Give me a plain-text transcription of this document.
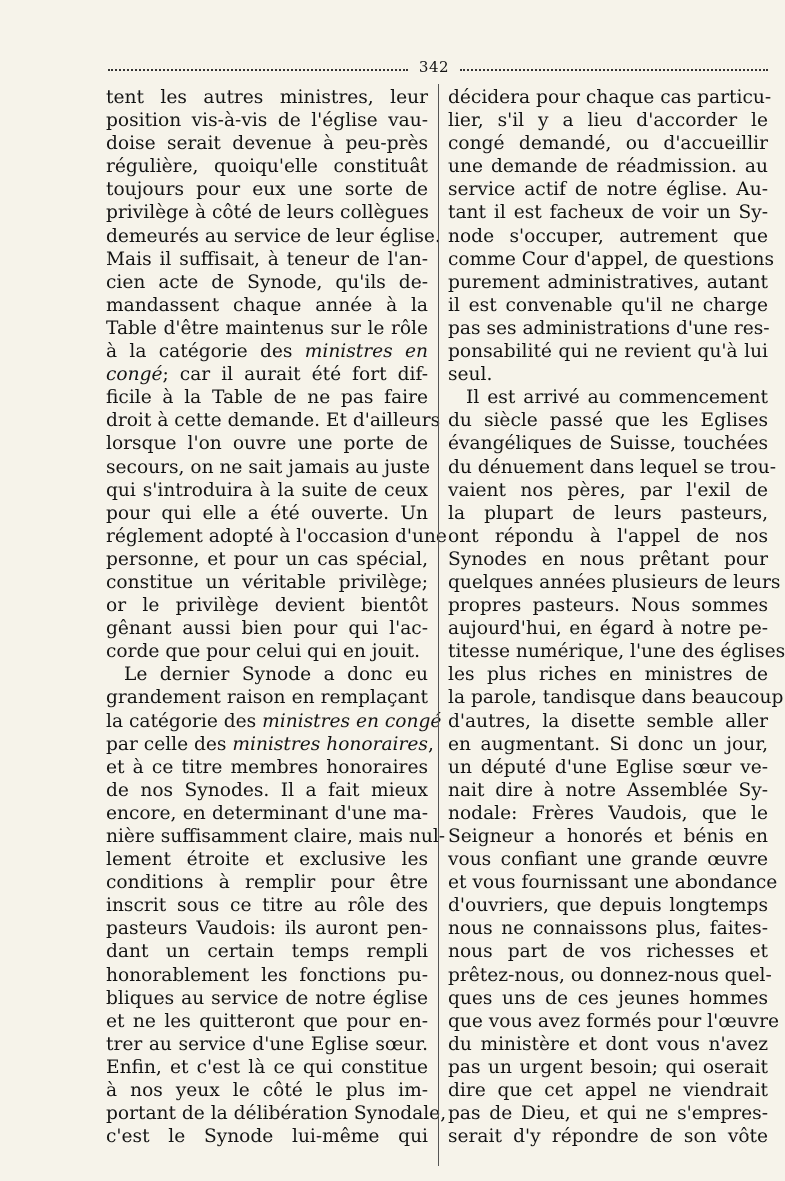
342
tent les autres ministres, leur
position vis-à-vis de l'église vau-
doise serait devenue à peu-près
régulière, quoiqu'elle constituât
toujours pour eux une sorte de
privilège à côté de leurs collègues
demeurés au service de leur église.
Mais il suffisait, à teneur de l'an-
cien acte de Synode, qu'ils de-
mandassent chaque année à la
Table d'être maintenus sur le rôle
à la catégorie des ministres en
congé; car il aurait été fort dif-
ficile à la Table de ne pas faire
droit à cette demande. Et d'ailleurs
lorsque l'on ouvre une porte de
secours, on ne sait jamais au juste
qui s'introduira à la suite de ceux
pour qui elle a été ouverte. Un
réglement adopté à l'occasion d'une
personne, et pour un cas spécial,
constitue un véritable privilège;
or le privilège devient bientôt
gênant aussi bien pour qui l'ac-
corde que pour celui qui en jouit.
Le dernier Synode a donc eu
grandement raison en remplaçant
la catégorie des ministres en congé
par celle des ministres honoraires,
et à ce titre membres honoraires
de nos Synodes. Il a fait mieux
encore, en determinant d'une ma-
nière suffisamment claire, mais nul-
lement étroite et exclusive les
conditions à remplir pour être
inscrit sous ce titre au rôle des
pasteurs Vaudois: ils auront pen-
dant un certain temps rempli
honorablement les fonctions pu-
bliques au service de notre église
et ne les quitteront que pour en-
trer au service d'une Eglise sœur.
Enfin, et c'est là ce qui constitue
à nos yeux le côté le plus im-
portant de la délibération Synodale,
c'est le Synode lui-même qui
décidera pour chaque cas particu-
lier, s'il y a lieu d'accorder le
congé demandé, ou d'accueillir
une demande de réadmission. au
service actif de notre église. Au-
tant il est facheux de voir un Sy-
node s'occuper, autrement que
comme Cour d'appel, de questions
purement administratives, autant
il est convenable qu'il ne charge
pas ses administrations d'une res-
ponsabilité qui ne revient qu'à lui
seul.
Il est arrivé au commencement
du siècle passé que les Eglises
évangéliques de Suisse, touchées
du dénuement dans lequel se trou-
vaient nos pères, par l'exil de
la plupart de leurs pasteurs,
ont répondu à l'appel de nos
Synodes en nous prêtant pour
quelques années plusieurs de leurs
propres pasteurs. Nous sommes
aujourd'hui, en égard à notre pe-
titesse numérique, l'une des églises
les plus riches en ministres de
la parole, tandisque dans beaucoup
d'autres, la disette semble aller
en augmentant. Si donc un jour,
un député d'une Eglise sœur ve-
nait dire à notre Assemblée Sy-
nodale: Frères Vaudois, que le
Seigneur a honorés et bénis en
vous confiant une grande œuvre
et vous fournissant une abondance
d'ouvriers, que depuis longtemps
nous ne connaissons plus, faites-
nous part de vos richesses et
prêtez-nous, ou donnez-nous quel-
ques uns de ces jeunes hommes
que vous avez formés pour l'œuvre
du ministère et dont vous n'avez
pas un urgent besoin; qui oserait
dire que cet appel ne viendrait
pas de Dieu, et qui ne s'empres-
serait d'y répondre de son vôte
